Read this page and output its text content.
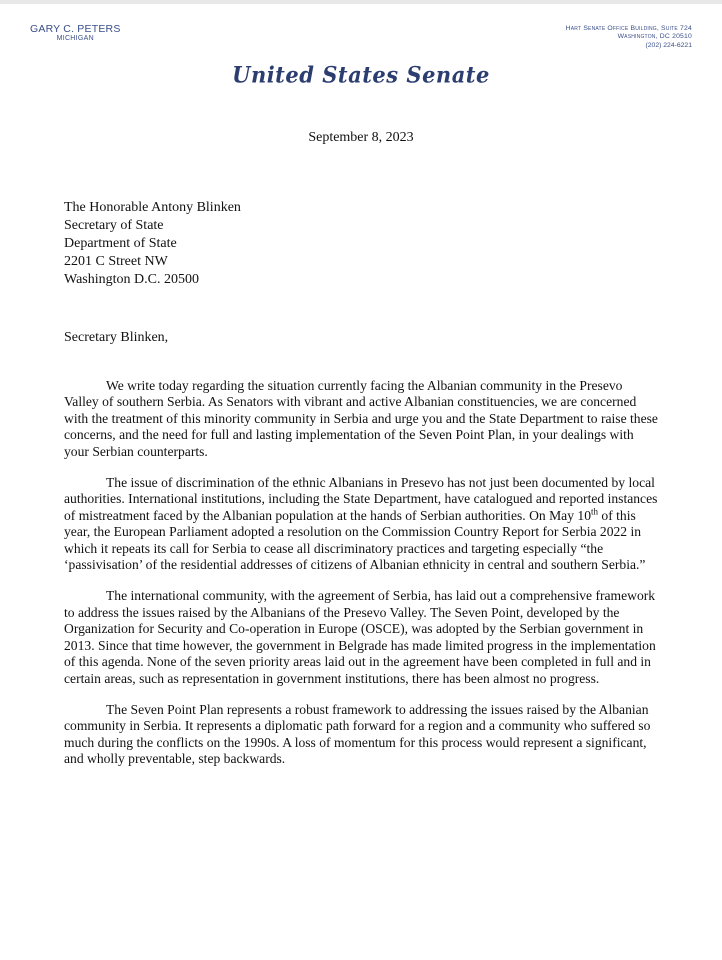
GARY C. PETERS
MICHIGAN
Hart Senate Office Building, Suite 724
Washington, DC 20510
(202) 224-6221
United States Senate
September 8, 2023
The Honorable Antony Blinken
Secretary of State
Department of State
2201 C Street NW
Washington D.C. 20500
Secretary Blinken,

We write today regarding the situation currently facing the Albanian community in the Presevo Valley of southern Serbia. As Senators with vibrant and active Albanian constituencies, we are concerned with the treatment of this minority community in Serbia and urge you and the State Department to raise these concerns, and the need for full and lasting implementation of the Seven Point Plan, in your dealings with your Serbian counterparts.

The issue of discrimination of the ethnic Albanians in Presevo has not just been documented by local authorities. International institutions, including the State Department, have catalogued and reported instances of mistreatment faced by the Albanian population at the hands of Serbian authorities. On May 10th of this year, the European Parliament adopted a resolution on the Commission Country Report for Serbia 2022 in which it repeats its call for Serbia to cease all discriminatory practices and targeting especially “the ‘passivisation’ of the residential addresses of citizens of Albanian ethnicity in central and southern Serbia.”

The international community, with the agreement of Serbia, has laid out a comprehensive framework to address the issues raised by the Albanians of the Presevo Valley. The Seven Point, developed by the Organization for Security and Co-operation in Europe (OSCE), was adopted by the Serbian government in 2013. Since that time however, the government in Belgrade has made limited progress in the implementation of this agenda. None of the seven priority areas laid out in the agreement have been completed in full and in certain areas, such as representation in government institutions, there has been almost no progress.

The Seven Point Plan represents a robust framework to addressing the issues raised by the Albanian community in Serbia. It represents a diplomatic path forward for a region and a community who suffered so much during the conflicts on the 1990s. A loss of momentum for this process would represent a significant, and wholly preventable, step backwards.
